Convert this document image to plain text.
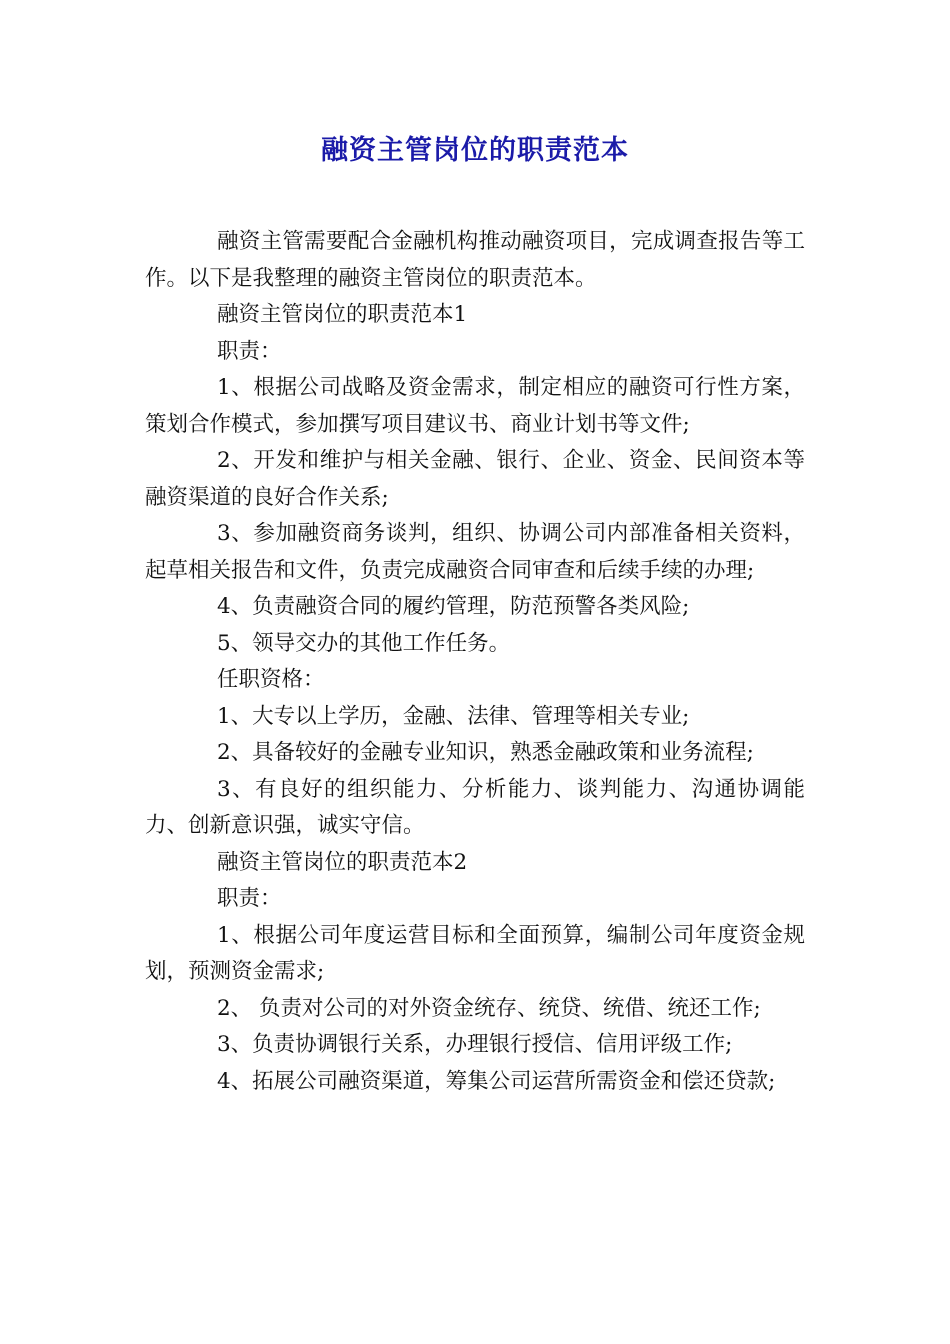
融资主管岗位的职责范本

融资主管需要配合金融机构推动融资项目，完成调查报告等工作。以下是我整理的融资主管岗位的职责范本。

融资主管岗位的职责范本1

职责：

1、根据公司战略及资金需求，制定相应的融资可行性方案，策划合作模式，参加撰写项目建议书、商业计划书等文件;

2、开发和维护与相关金融、银行、企业、资金、民间资本等融资渠道的良好合作关系;

3、参加融资商务谈判，组织、协调公司内部准备相关资料，起草相关报告和文件，负责完成融资合同审查和后续手续的办理;

4、负责融资合同的履约管理，防范预警各类风险;

5、领导交办的其他工作任务。

任职资格：

1、大专以上学历，金融、法律、管理等相关专业;

2、具备较好的金融专业知识，熟悉金融政策和业务流程;

3、有良好的组织能力、分析能力、谈判能力、沟通协调能力、创新意识强，诚实守信。

融资主管岗位的职责范本2

职责：

1、根据公司年度运营目标和全面预算，编制公司年度资金规划，预测资金需求;

2、 负责对公司的对外资金统存、统贷、统借、统还工作;

3、负责协调银行关系，办理银行授信、信用评级工作;

4、拓展公司融资渠道，筹集公司运营所需资金和偿还贷款;
